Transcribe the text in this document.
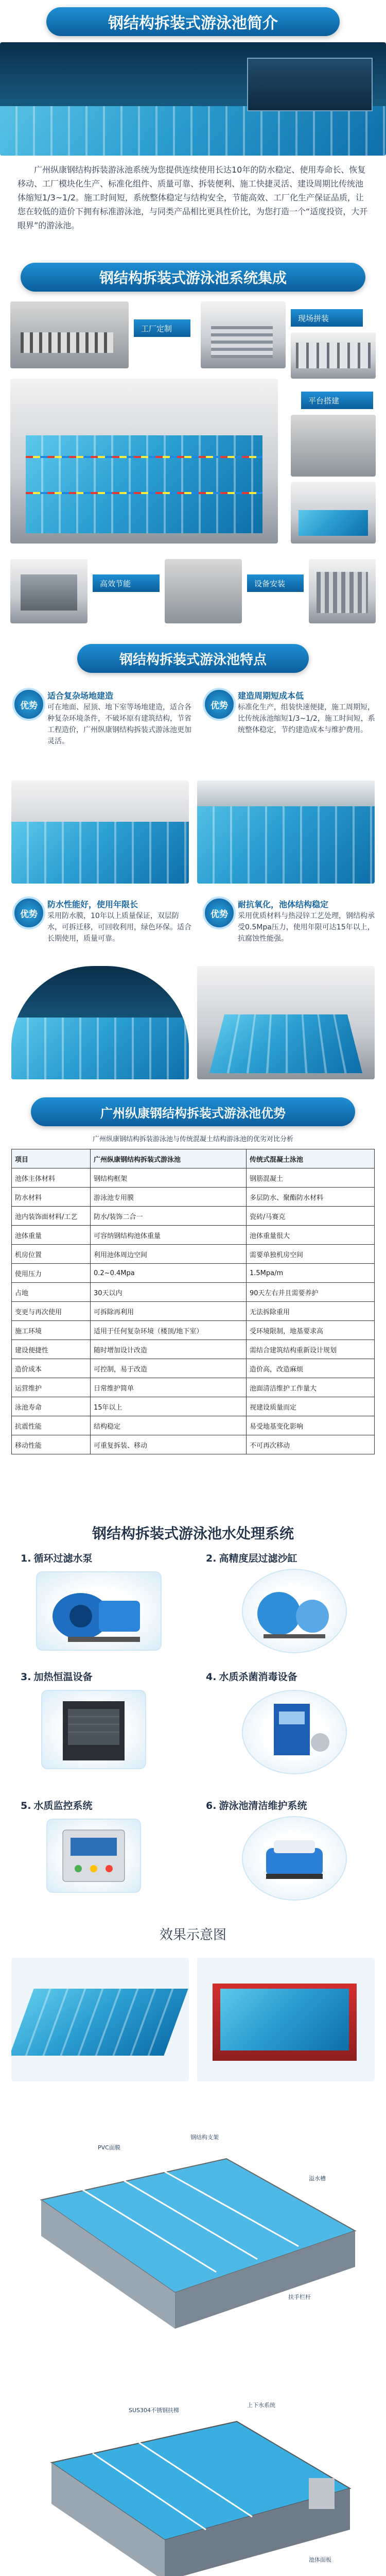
钢结构拆装式游泳池简介
广州纵康钢结构拆装游泳池系统为您提供连续使用长达10年的防水稳定、使用寿命长、恢复移动、工厂模块化生产、标准化组件、质量可靠、拆装便利、施工快捷灵活、建设周期比传统池体缩短1/3~1/2。施工时间短，系统整体稳定与结构安全，节能高效、工厂化生产保证品质，让您在较低的造价下拥有标准游泳池，与同类产品相比更具性价比，为您打造一个“适度投资，大开眼界”的游泳池。
钢结构拆装式游泳池系统集成
工厂定制
现场拼装
平台搭建
高效节能	设备安装
钢结构拆装式游泳池特点
优势
适合复杂场地建造
可在地面、屋顶、地下室等场地建造，适合各种复杂环境条件，不破坏原有建筑结构，节省工程造价，广州纵康钢结构拆装式游泳池更加灵活。
优势
建造周期短成本低
标准化生产，组装快速便捷，施工周期短，比传统泳池缩短1/3~1/2，施工时间短，系统整体稳定，节约建造成本与维护费用。
优势
防水性能好，使用年限长
采用防水膜，10年以上质量保证，双层防水，可拆迁移，可回收利用，绿色环保。适合长期使用，质量可靠。
优势
耐抗氧化，池体结构稳定
采用优质材料与热浸锌工艺处理，钢结构承受0.5Mpa压力，使用年限可达15年以上，抗腐蚀性能强。
广州纵康钢结构拆装式游泳池优势
广州纵康钢结构拆装游泳池与传统混凝土结构游泳池的优劣对比分析
项目	广州纵康钢结构拆装式游泳池	传统式混凝土泳池
池体主体材料	钢结构框架	钢筋混凝土
防水材料	游泳池专用膜	多层防水、聚酯防水材料
池内装饰面材料/工艺	防水/装饰二合一	瓷砖/马赛克
池体重量	可容纳钢结构池体重量	池体重量很大
机房位置	利用池体周边空间	需要单独机房空间
使用压力	0.2~0.4Mpa	1.5Mpa/m
占地	30天以内	90天左右并且需要养护
变更与再次使用	可拆除再利用	无法拆除重用
施工环境	适用于任何复杂环境（楼顶/地下室）	受环境限制，地基要求高
建设便捷性	随时增加设计改造	需结合建筑结构重新设计规划
造价成本	可控制，易于改造	造价高，改造麻烦
运营维护	日常维护简单	池面清洁维护工作量大
泳池寿命	15年以上	视建设质量而定
抗震性能	结构稳定	易受地基变化影响
移动性能	可重复拆装、移动	不可再次移动
钢结构拆装式游泳池水处理系统
1. 循环过滤水泵	2. 高精度层过滤沙缸
3. 加热恒温设备	4. 水质杀菌消毒设备
5. 水质监控系统	6. 游泳池清洁维护系统
效果示意图
PVC面膜
钢结构支架
溢水槽
扶手栏杆
SUS304不锈钢扶梯
上下水系统
池体面板
